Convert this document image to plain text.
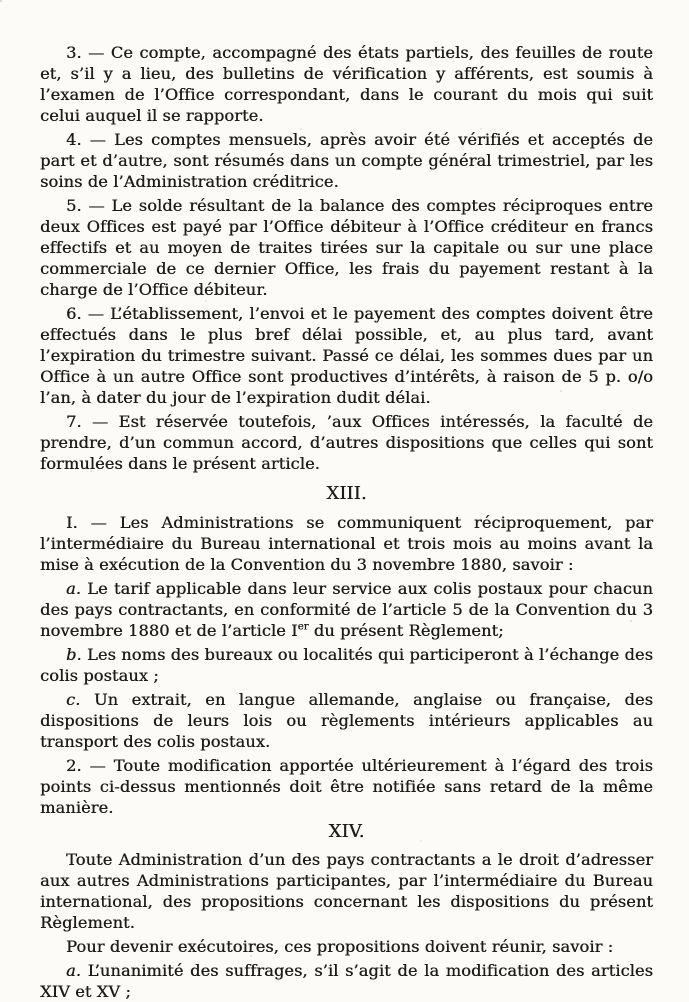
3. — Ce compte, accompagné des états partiels, des feuilles de route et, s’il y a lieu, des bulletins de vérification y afférents, est soumis à l’examen de l’Office correspondant, dans le courant du mois qui suit celui auquel il se rapporte.

4. — Les comptes mensuels, après avoir été vérifiés et acceptés de part et d’autre, sont résumés dans un compte général trimestriel, par les soins de l’Administration créditrice.

5. — Le solde résultant de la balance des comptes réciproques entre deux Offices est payé par l’Office débiteur à l’Office créditeur en francs effectifs et au moyen de traites tirées sur la capitale ou sur une place commerciale de ce dernier Office, les frais du payement restant à la charge de l’Office débiteur.

6. — L’établissement, l’envoi et le payement des comptes doivent être effectués dans le plus bref délai possible, et, au plus tard, avant l’expiration du trimestre suivant. Passé ce délai, les sommes dues par un Office à un autre Office sont productives d’intérêts, à raison de 5 p. o/o l’an, à dater du jour de l’expiration dudit délai.

7. — Est réservée toutefois, ’aux Offices intéressés, la faculté de prendre, d’un commun accord, d’autres dispositions que celles qui sont formulées dans le présent article.

XIII.

I. — Les Administrations se communiquent réciproquement, par l’intermédiaire du Bureau international et trois mois au moins avant la mise à exécution de la Convention du 3 novembre 1880, savoir :

a. Le tarif applicable dans leur service aux colis postaux pour chacun des pays contractants, en conformité de l’article 5 de la Convention du 3 novembre 1880 et de l’article Ier du présent Règlement;

b. Les noms des bureaux ou localités qui participeront à l’échange des colis postaux ;

c. Un extrait, en langue allemande, anglaise ou française, des dispositions de leurs lois ou règlements intérieurs applicables au transport des colis postaux.

2. — Toute modification apportée ultérieurement à l’égard des trois points ci-dessus mentionnés doit être notifiée sans retard de la même manière.

XIV.

Toute Administration d’un des pays contractants a le droit d’adresser aux autres Administrations participantes, par l’intermédiaire du Bureau international, des propositions concernant les dispositions du présent Règlement.

Pour devenir exécutoires, ces propositions doivent réunir, savoir :

a. L’unanimité des suffrages, s’il s’agit de la modification des articles XIV et XV ;
